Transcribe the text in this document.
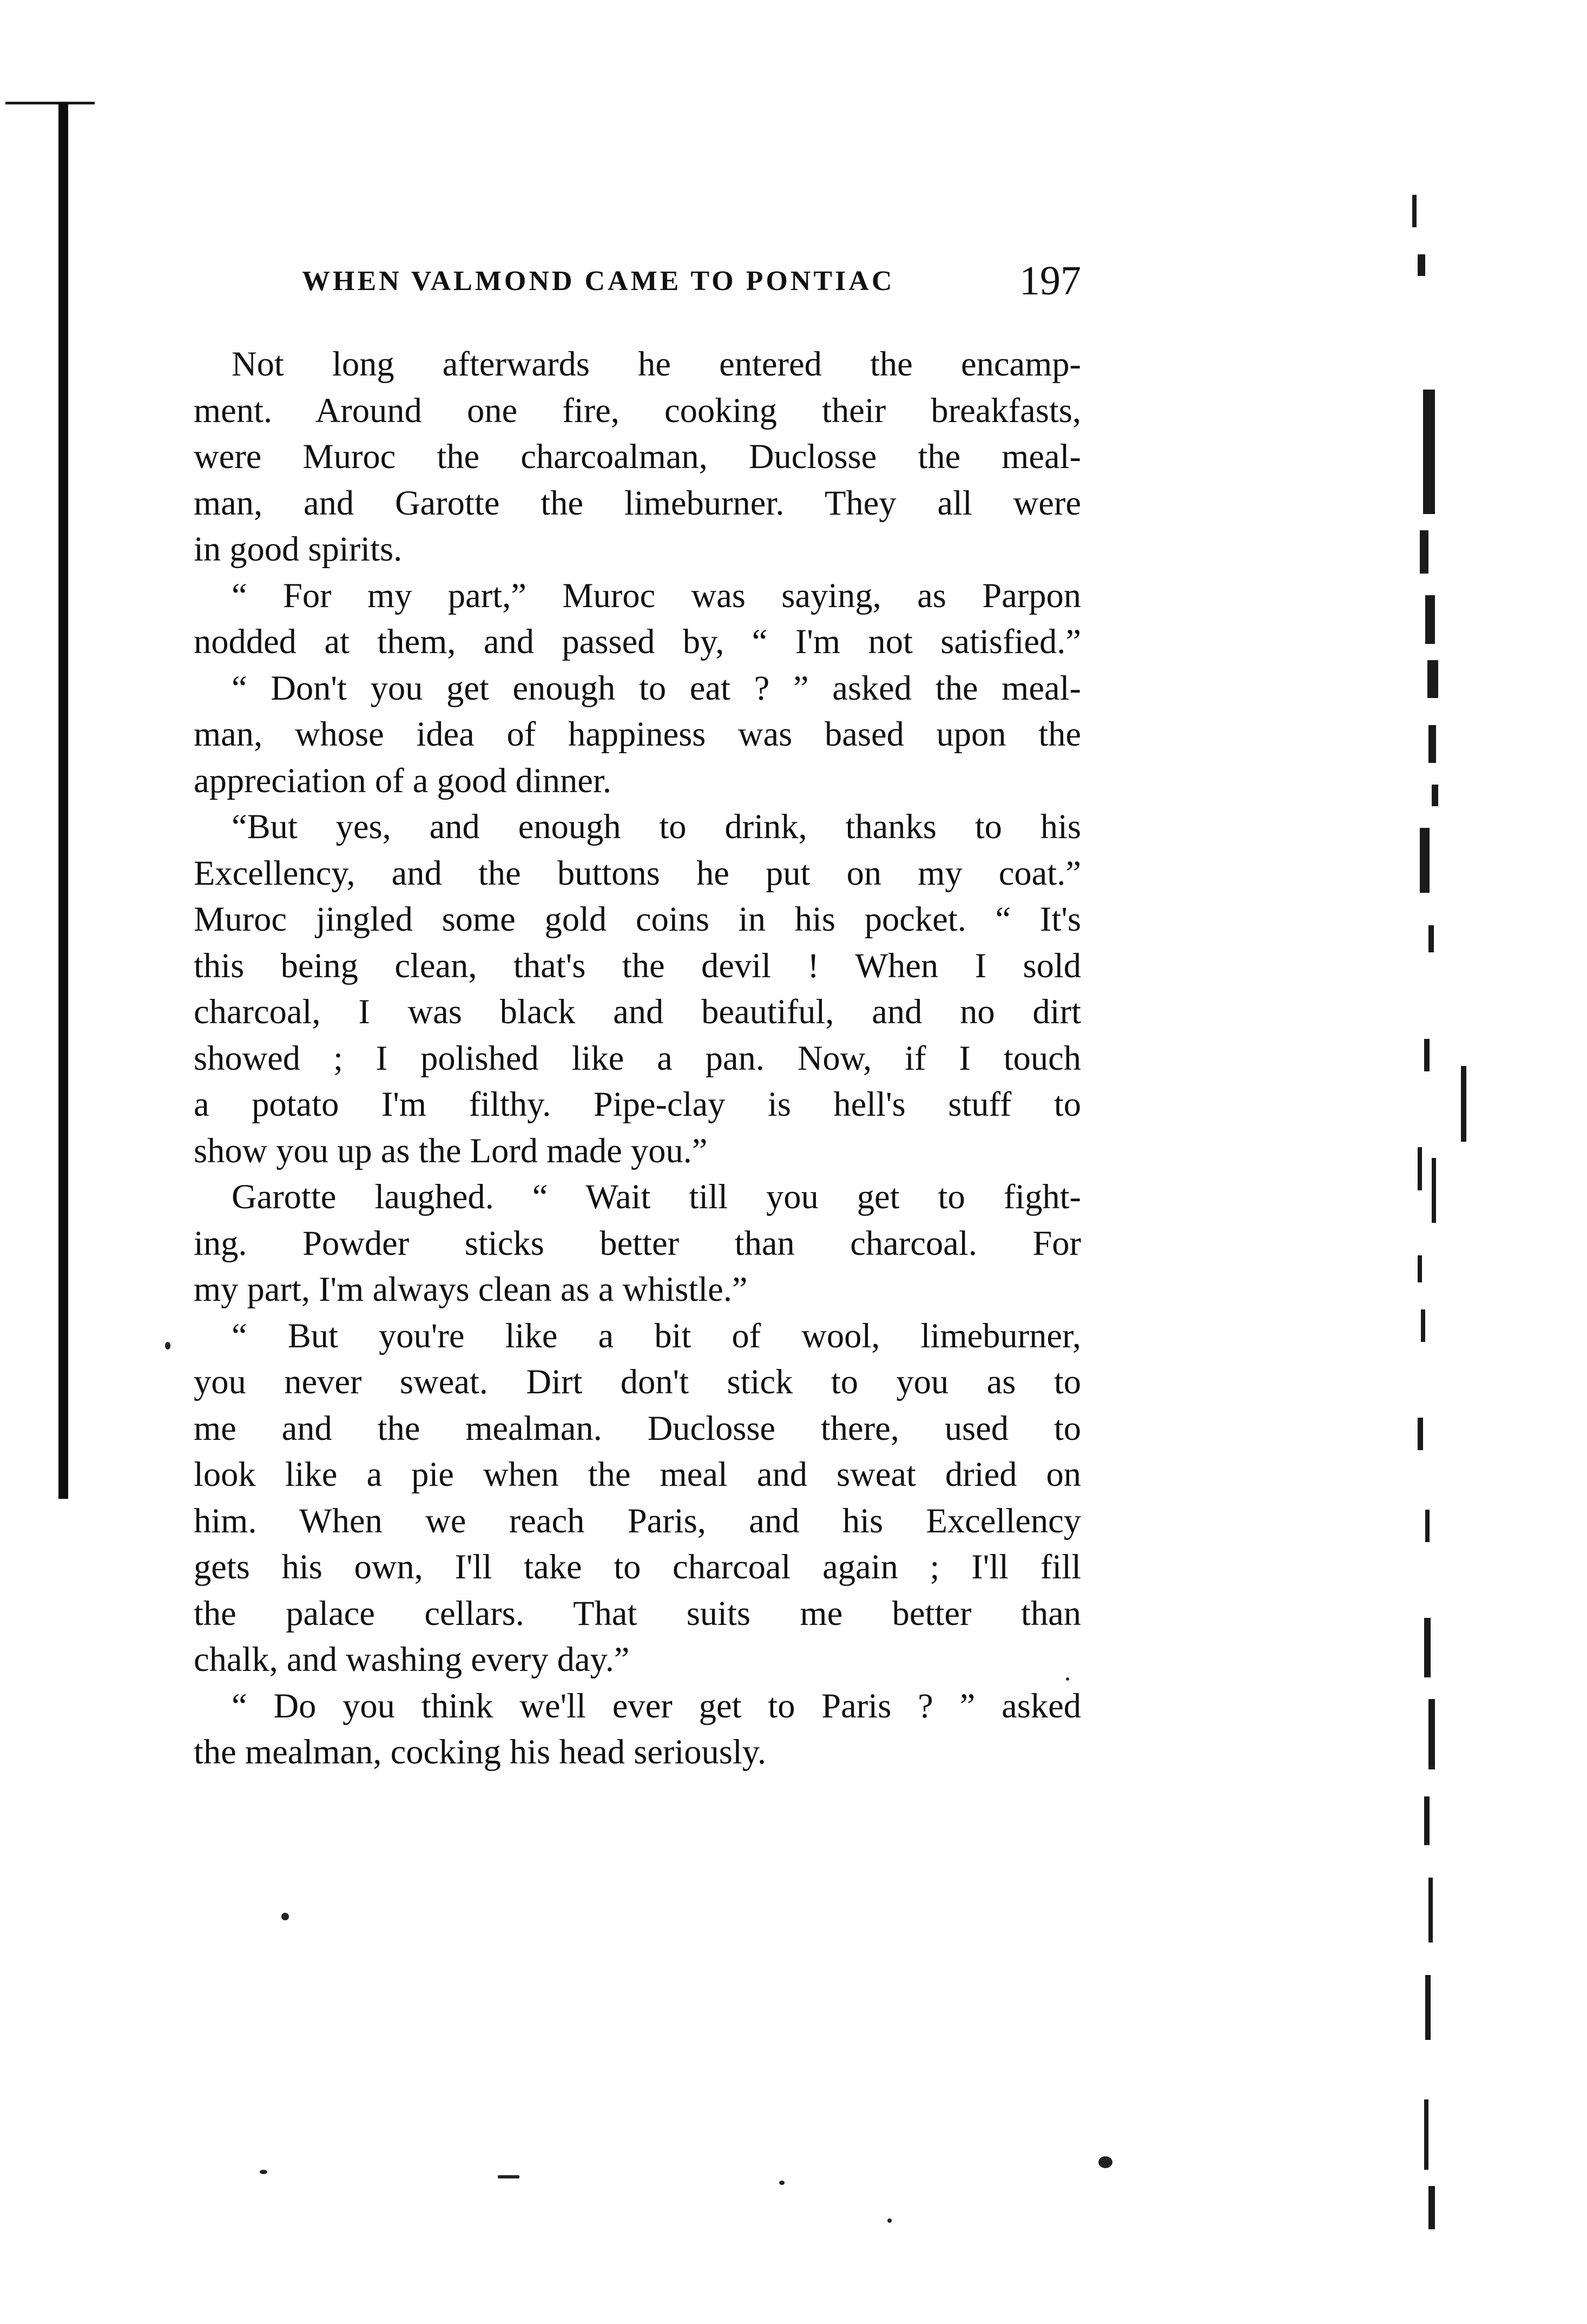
WHEN VALMOND CAME TO PONTIAC	197
Not long afterwards he entered the encamp-
ment. Around one fire, cooking their breakfasts,
were Muroc the charcoalman, Duclosse the meal-
man, and Garotte the limeburner. They all were
in good spirits.
“ For my part,” Muroc was saying, as Parpon
nodded at them, and passed by, “ I'm not satisfied.”
“ Don't you get enough to eat ? ” asked the meal-
man, whose idea of happiness was based upon the
appreciation of a good dinner.
“But yes, and enough to drink, thanks to his
Excellency, and the buttons he put on my coat.”
Muroc jingled some gold coins in his pocket. “ It's
this being clean, that's the devil ! When I sold
charcoal, I was black and beautiful, and no dirt
showed ; I polished like a pan. Now, if I touch
a potato I'm filthy. Pipe-clay is hell's stuff to
show you up as the Lord made you.”
Garotte laughed. “ Wait till you get to fight-
ing. Powder sticks better than charcoal. For
my part, I'm always clean as a whistle.”
“ But you're like a bit of wool, limeburner,
you never sweat. Dirt don't stick to you as to
me and the mealman. Duclosse there, used to
look like a pie when the meal and sweat dried on
him. When we reach Paris, and his Excellency
gets his own, I'll take to charcoal again ; I'll fill
the palace cellars. That suits me better than
chalk, and washing every day.”
“ Do you think we'll ever get to Paris ? ” asked
the mealman, cocking his head seriously.
